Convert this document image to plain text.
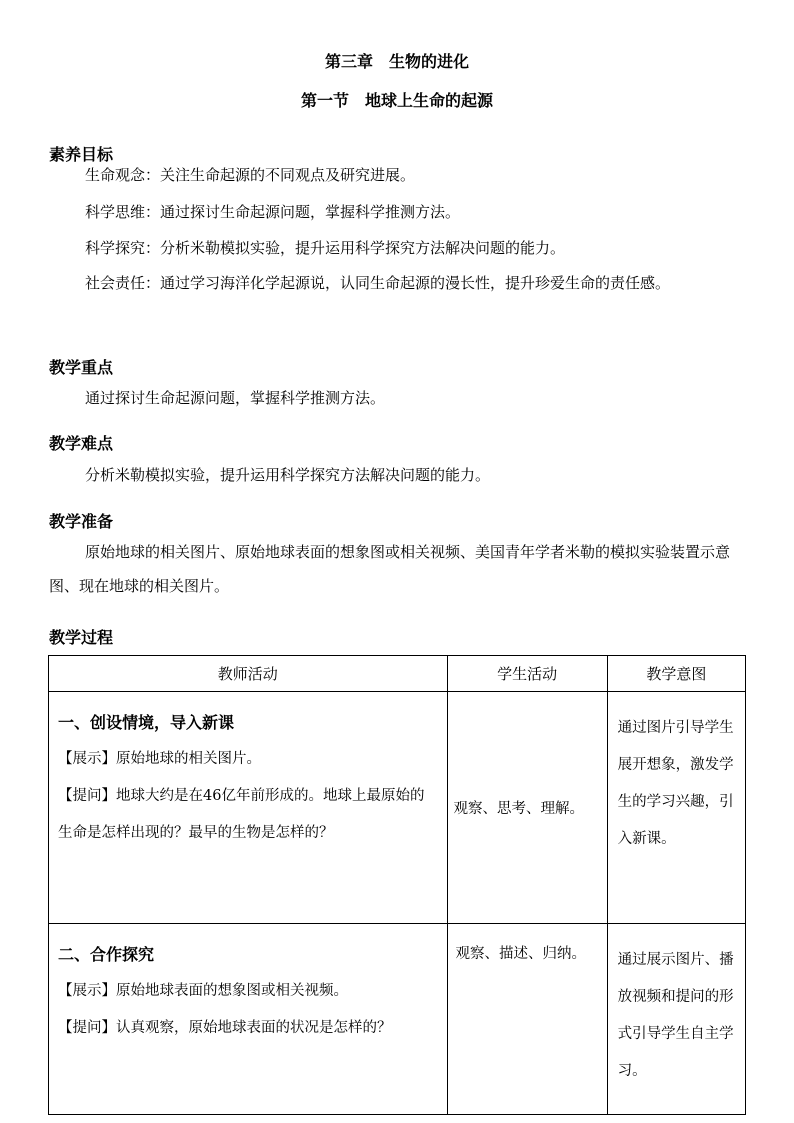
第三章　生物的进化
第一节　地球上生命的起源
素养目标
生命观念：关注生命起源的不同观点及研究进展。
科学思维：通过探讨生命起源问题，掌握科学推测方法。
科学探究：分析米勒模拟实验，提升运用科学探究方法解决问题的能力。
社会责任：通过学习海洋化学起源说，认同生命起源的漫长性，提升珍爱生命的责任感。
教学重点
通过探讨生命起源问题，掌握科学推测方法。
教学难点
分析米勒模拟实验，提升运用科学探究方法解决问题的能力。
教学准备
原始地球的相关图片、原始地球表面的想象图或相关视频、美国青年学者米勒的模拟实验装置示意图、现在地球的相关图片。
教学过程
教师活动	学生活动	教学意图

一、创设情境，导入新课
【展示】原始地球的相关图片。
【提问】地球大约是在46亿年前形成的。地球上最原始的生命是怎样出现的？最早的生物是怎样的？	观察、思考、理解。	通过图片引导学生展开想象，激发学生的学习兴趣，引入新课。

二、合作探究
【展示】原始地球表面的想象图或相关视频。
【提问】认真观察，原始地球表面的状况是怎样的？	观察、描述、归纳。	通过展示图片、播放视频和提问的形式引导学生自主学习。
